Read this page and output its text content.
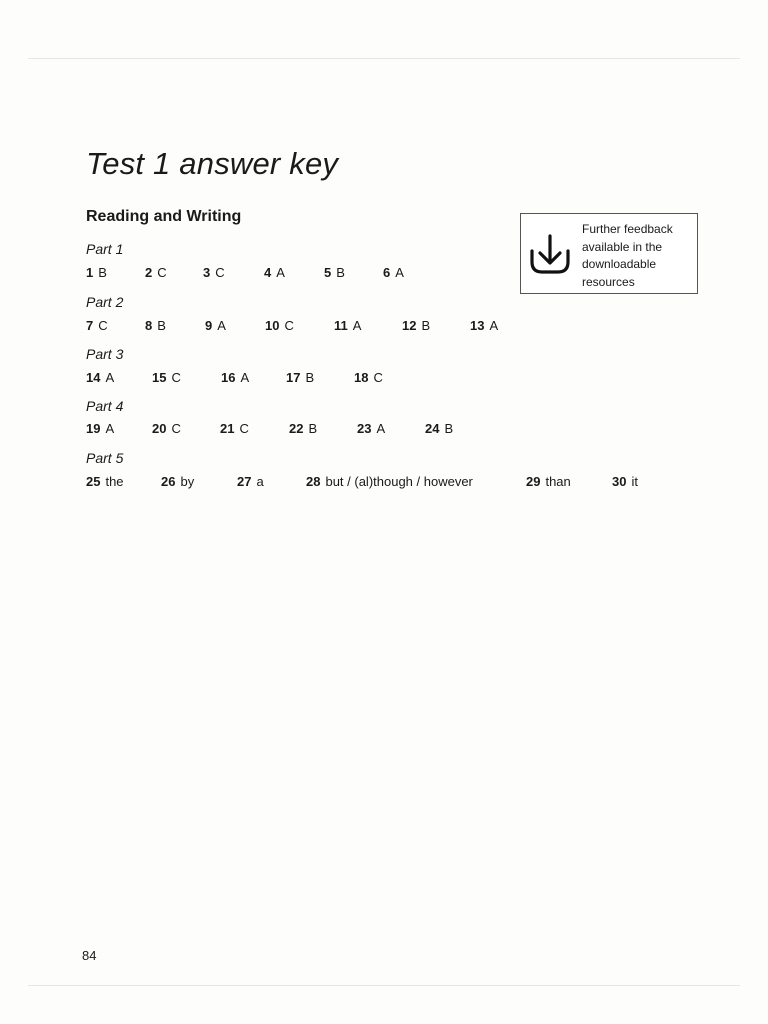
Test 1 answer key
Reading and Writing
Part 1
1 B	2 C	3 C	4 A	5 B	6 A
Part 2
7 C	8 B	9 A	10 C	11 A	12 B	13 A
Part 3
14 A	15 C	16 A	17 B	18 C
Part 4
19 A	20 C	21 C	22 B	23 A	24 B
Part 5
25 the	26 by	27 a	28 but / (al)though / however	29 than	30 it
Further feedback available in the downloadable resources
84
